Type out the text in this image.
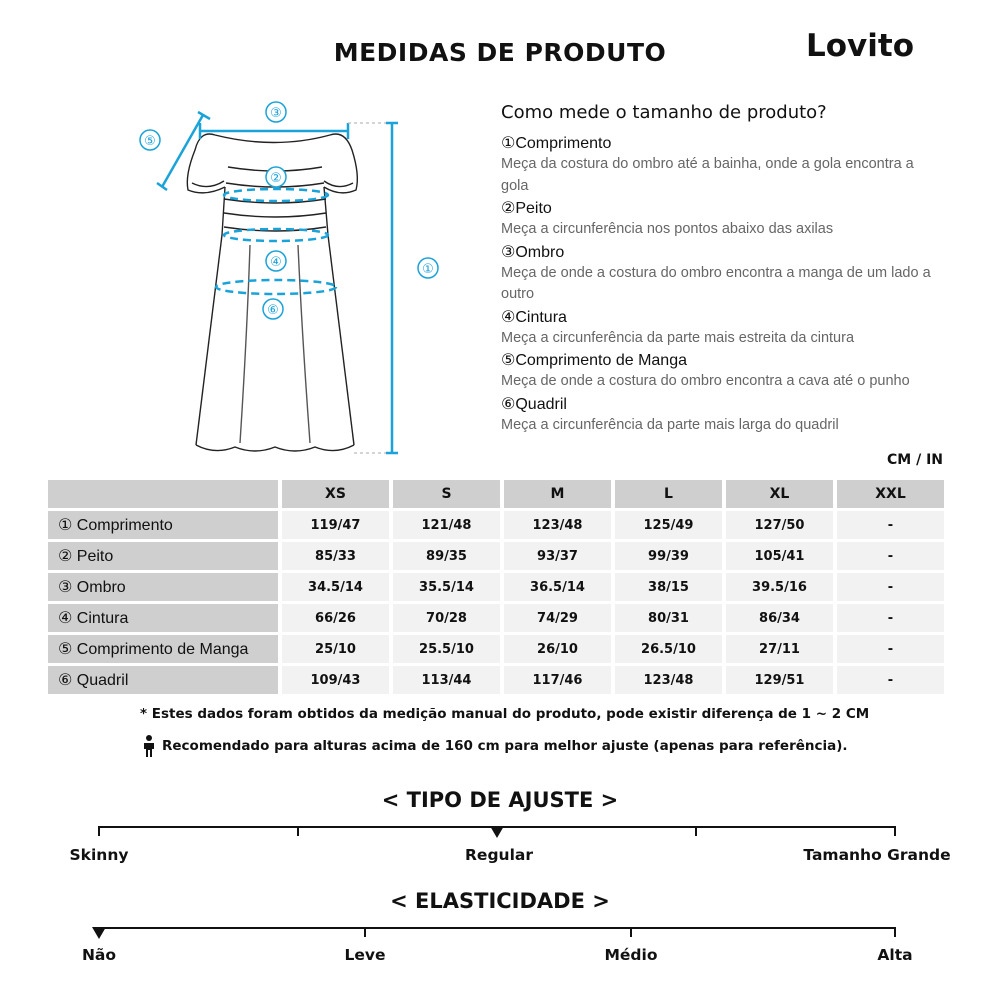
MEDIDAS DE PRODUTO	Lovito
③
⑤
②
④
⑥
①
Como mede o tamanho de produto?
①Comprimento
Meça da costura do ombro até a bainha, onde a gola encontra a gola
②Peito
Meça a circunferência nos pontos abaixo das axilas
③Ombro
Meça de onde a costura do ombro encontra a manga de um lado a outro
④Cintura
Meça a circunferência da parte mais estreita da cintura
⑤Comprimento de Manga
Meça de onde a costura do ombro encontra a cava até o punho
⑥Quadril
Meça a circunferência da parte mais larga do quadril
CM / IN
	XS	S	M	L	XL	XXL
① Comprimento	119/47	121/48	123/48	125/49	127/50	-
② Peito	85/33	89/35	93/37	99/39	105/41	-
③ Ombro	34.5/14	35.5/14	36.5/14	38/15	39.5/16	-
④ Cintura	66/26	70/28	74/29	80/31	86/34	-
⑤ Comprimento de Manga	25/10	25.5/10	26/10	26.5/10	27/11	-
⑥ Quadril	109/43	113/44	117/46	123/48	129/51	-
* Estes dados foram obtidos da medição manual do produto, pode existir diferença de 1 ~ 2 CM
Recomendado para alturas acima de 160 cm para melhor ajuste (apenas para referência).
< TIPO DE AJUSTE >
Skinny	Regular	Tamanho Grande
< ELASTICIDADE >
Não	Leve	Médio	Alta
